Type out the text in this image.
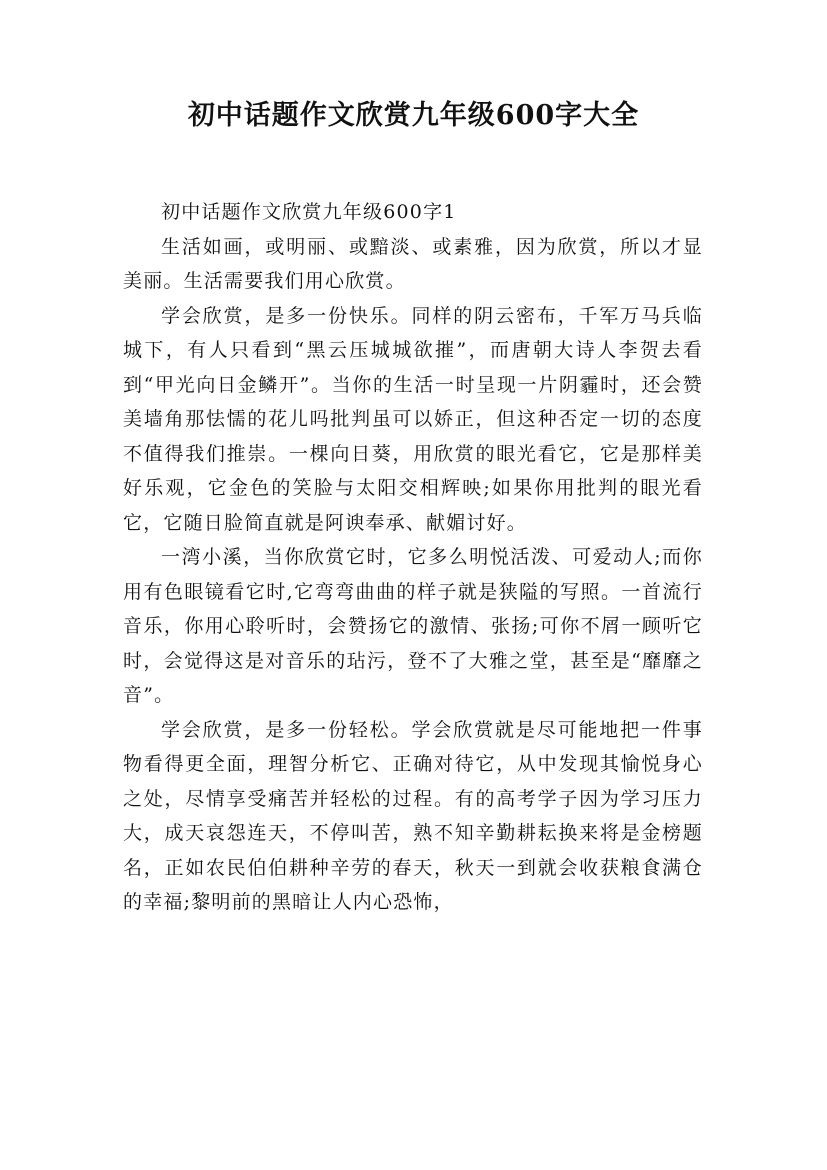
初中话题作文欣赏九年级600字大全

初中话题作文欣赏九年级600字1

生活如画，或明丽、或黯淡、或素雅，因为欣赏，所以才显美丽。生活需要我们用心欣赏。

学会欣赏，是多一份快乐。同样的阴云密布，千军万马兵临城下，有人只看到“黑云压城城欲摧”，而唐朝大诗人李贺去看到“甲光向日金鳞开”。当你的生活一时呈现一片阴霾时，还会赞美墙角那怯懦的花儿吗批判虽可以娇正，但这种否定一切的态度不值得我们推崇。一棵向日葵，用欣赏的眼光看它，它是那样美好乐观，它金色的笑脸与太阳交相辉映;如果你用批判的眼光看它，它随日脸简直就是阿谀奉承、献媚讨好。

一湾小溪，当你欣赏它时，它多么明悦活泼、可爱动人;而你用有色眼镜看它时,它弯弯曲曲的样子就是狭隘的写照。一首流行音乐，你用心聆听时，会赞扬它的激情、张扬;可你不屑一顾听它时，会觉得这是对音乐的玷污，登不了大雅之堂，甚至是“靡靡之音”。

学会欣赏，是多一份轻松。学会欣赏就是尽可能地把一件事物看得更全面，理智分析它、正确对待它，从中发现其愉悦身心之处，尽情享受痛苦并轻松的过程。有的高考学子因为学习压力大，成天哀怨连天，不停叫苦，熟不知辛勤耕耘换来将是金榜题名，正如农民伯伯耕种辛劳的春天，秋天一到就会收获粮食满仓的幸福;黎明前的黑暗让人内心恐怖，
